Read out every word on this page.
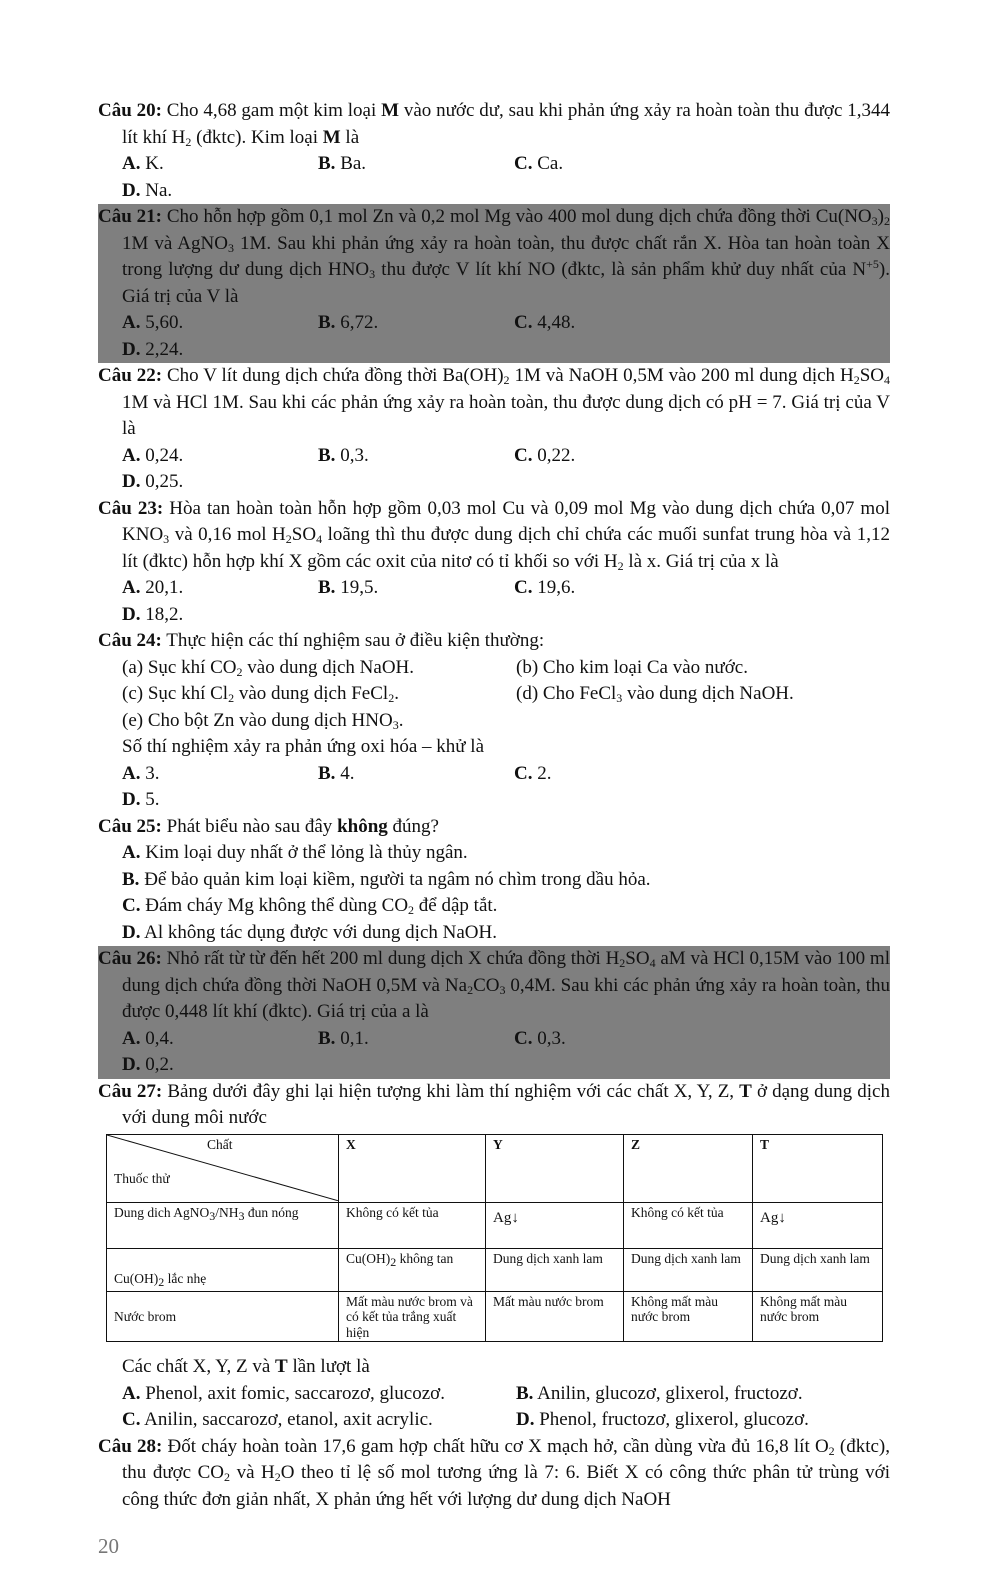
Câu 20: Cho 4,68 gam một kim loại M vào nước dư, sau khi phản ứng xảy ra hoàn toàn thu được 1,344 lít khí $H_2$ (đktc). Kim loại M là

A. K.	B. Ba.	C. Ca.
D. Na.

Câu 21: Cho hỗn hợp gồm 0,1 mol Zn và 0,2 mol Mg vào 400 mol dung dịch chứa đồng thời $Cu(NO_3)_2$ 1M và AgNO$_3$ 1M. Sau khi phản ứng xảy ra hoàn toàn, thu được chất rắn X. Hòa tan hoàn toàn X trong lượng dư dung dịch $HNO_3$ thu được V lít khí NO (đktc, là sản phẩm khử duy nhất của $N^{+5}$). Giá trị của V là

A. 5,60.	B. 6,72.	C. 4,48.
D. 2,24.

Câu 22: Cho V lít dung dịch chứa đồng thời $Ba(OH)_2$ 1M và NaOH 0,5M vào 200 ml dung dịch $H_2SO_4$ 1M và HCl 1M. Sau khi các phản ứng xảy ra hoàn toàn, thu được dung dịch có pH = 7. Giá trị của V là

A. 0,24.	B. 0,3.	C. 0,22.
D. 0,25.

Câu 23: Hòa tan hoàn toàn hỗn hợp gồm 0,03 mol Cu và 0,09 mol Mg vào dung dịch chứa 0,07 mol $KNO_3$ và 0,16 mol $H_2SO_4$ loãng thì thu được dung dịch chỉ chứa các muối sunfat trung hòa và 1,12 lít (đktc) hỗn hợp khí X gồm các oxit của nitơ có tỉ khối so với $H_2$ là x. Giá trị của x là

A. 20,1.	B. 19,5.	C. 19,6.
D. 18,2.

Câu 24: Thực hiện các thí nghiệm sau ở điều kiện thường:

(a) Sục khí $CO_2$ vào dung dịch NaOH.	(b) Cho kim loại Ca vào nước.
(c) Sục khí $Cl_2$ vào dung dịch FeCl$_2$.	(d) Cho FeCl$_3$ vào dung dịch NaOH.
(e) Cho bột Zn vào dung dịch $HNO_3$.
Số thí nghiệm xảy ra phản ứng oxi hóa – khử là
A. 3.	B. 4.	C. 2.
D. 5.

Câu 25: Phát biểu nào sau đây không đúng?

A. Kim loại duy nhất ở thể lỏng là thủy ngân.
B. Để bảo quản kim loại kiềm, người ta ngâm nó chìm trong dầu hỏa.
C. Đám cháy Mg không thể dùng $CO_2$ để dập tắt.
D. Al không tác dụng được với dung dịch NaOH.

Câu 26: Nhỏ rất từ từ đến hết 200 ml dung dịch X chứa đồng thời $H_2SO_4$ aM và HCl 0,15M vào 100 ml dung dịch chứa đồng thời NaOH 0,5M và $Na_2CO_3$ 0,4M. Sau khi các phản ứng xảy ra hoàn toàn, thu được 0,448 lít khí (đktc). Giá trị của a là

A. 0,4.	B. 0,1.	C. 0,3.
D. 0,2.

Câu 27: Bảng dưới đây ghi lại hiện tượng khi làm thí nghiệm với các chất X, Y, Z, T ở dạng dung dịch với dung môi nước

Chất
Thuốc thử	X	Y	Z	T
Dung dich $AgNO_3/NH_3$ đun nóng	Không có kết tủa	Ag↓	Không có kết tủa	Ag↓
$Cu(OH)_2$ lắc nhẹ	$Cu(OH)_2$ không tan	Dung dịch xanh lam	Dung dịch xanh lam	Dung dịch xanh lam
Nước brom	Mất màu nước brom và có kết tủa trắng xuất hiện	Mất màu nước brom	Không mất màu nước brom	Không mất màu nước brom
Các chất X, Y, Z và T lần lượt là
A. Phenol, axit fomic, saccarozơ, glucozơ.	B. Anilin, glucozơ, glixerol, fructozơ.
C. Anilin, saccarozơ, etanol, axit acrylic.	D. Phenol, fructozơ, glixerol, glucozơ.

Câu 28: Đốt cháy hoàn toàn 17,6 gam hợp chất hữu cơ X mạch hở, cần dùng vừa đủ 16,8 lít $O_2$ (đktc), thu được $CO_2$ và $H_2O$ theo tỉ lệ số mol tương ứng là 7: 6. Biết X có công thức phân tử trùng với công thức đơn giản nhất, X phản ứng hết với lượng dư dung dịch NaOH

20
